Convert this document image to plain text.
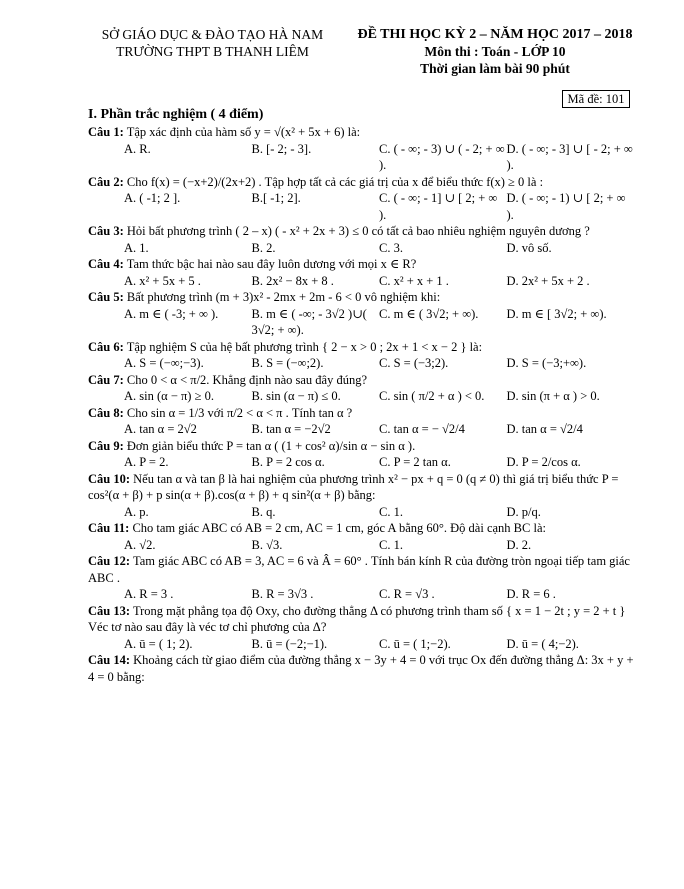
SỞ GIÁO DỤC & ĐÀO TẠO HÀ NAM
TRƯỜNG THPT B THANH LIÊM
ĐỀ THI HỌC KỲ 2 – NĂM HỌC 2017 – 2018
Môn thi : Toán - LỚP 10
Thời gian làm bài 90 phút
Mã đề: 101
I. Phần trắc nghiệm ( 4 điểm)
Câu 1: Tập xác định của hàm số y = √(x² + 5x + 6) là:
A. R.	B. [- 2; - 3].	C. ( - ∞; - 3) ∪ ( - 2; + ∞ ).
D. ( - ∞; - 3] ∪ [ - 2; + ∞ ).
Câu 2: Cho f(x) = (−x+2)/(2x+2) . Tập hợp tất cả các giá trị của x để biểu thức f(x) ≥ 0 là :
A. ( -1; 2 ].	B.[ -1; 2].	C. ( - ∞; - 1] ∪ [ 2; + ∞ ).
D. ( - ∞; - 1) ∪ [ 2; + ∞ ).
Câu 3: Hỏi bất phương trình ( 2 – x) ( - x² + 2x + 3) ≤ 0 có tất cả bao nhiêu nghiệm nguyên dương ?
A. 1.	B. 2.	C. 3.	D. vô số.
Câu 4: Tam thức bậc hai nào sau đây luôn dương với mọi x ∈ R?
A. x² + 5x + 5 .	B. 2x² − 8x + 8 .	C. x² + x + 1 .	D. 2x² + 5x + 2 .
Câu 5: Bất phương trình (m + 3)x² - 2mx + 2m - 6 < 0 vô nghiệm khi:
A. m ∈ ( -3; + ∞ ).	B. m ∈ ( -∞; - 3√2 )∪( 3√2; + ∞).
C. m ∈ ( 3√2; + ∞).	D. m ∈ [ 3√2; + ∞).
Câu 6: Tập nghiệm S của hệ bất phương trình { 2 − x > 0 ; 2x + 1 < x − 2 } là:
A. S = (−∞;−3).	B. S = (−∞;2).	C. S = (−3;2).	D. S = (−3;+∞).
Câu 7: Cho 0 < α < π/2. Khẳng định nào sau đây đúng?
A. sin (α − π) ≥ 0.	B. sin (α − π) ≤ 0.	C. sin ( π/2 + α ) < 0.	D. sin (π + α ) > 0.
Câu 8: Cho sin α = 1/3 với π/2 < α < π . Tính tan α ?
A. tan α = 2√2	B. tan α = −2√2	C. tan α = − √2/4	D. tan α = √2/4
Câu 9: Đơn giản biểu thức P = tan α ( (1 + cos² α)/sin α − sin α ).
A. P = 2.	B. P = 2 cos α.	C. P = 2 tan α.	D. P = 2/cos α.
Câu 10: Nếu tan α và tan β là hai nghiệm của phương trình x² − px + q = 0 (q ≠ 0) thì giá trị biểu thức P = cos²(α + β) + p sin(α + β).cos(α + β) + q sin²(α + β) bằng:
A. p.	B. q.	C. 1.	D. p/q.
Câu 11: Cho tam giác ABC có AB = 2 cm, AC = 1 cm, góc A bằng 60°. Độ dài cạnh BC là:
A. √2.	B. √3.	C. 1.	D. 2.
Câu 12: Tam giác ABC có AB = 3, AC = 6 và Â = 60° . Tính bán kính R của đường tròn ngoại tiếp tam giác ABC .
A. R = 3 .	B. R = 3√3 .	C. R = √3 .	D. R = 6 .
Câu 13: Trong mặt phẳng tọa độ Oxy, cho đường thẳng Δ có phương trình tham số { x = 1 − 2t ; y = 2 + t } Véc tơ nào sau đây là véc tơ chỉ phương của Δ?
A. ū = ( 1; 2).	B. ū = (−2;−1).	C. ū = ( 1;−2).	D. ū = ( 4;−2).
Câu 14: Khoảng cách từ giao điểm của đường thẳng x − 3y + 4 = 0 với trục Ox đến đường thẳng Δ: 3x + y + 4 = 0 bằng:
